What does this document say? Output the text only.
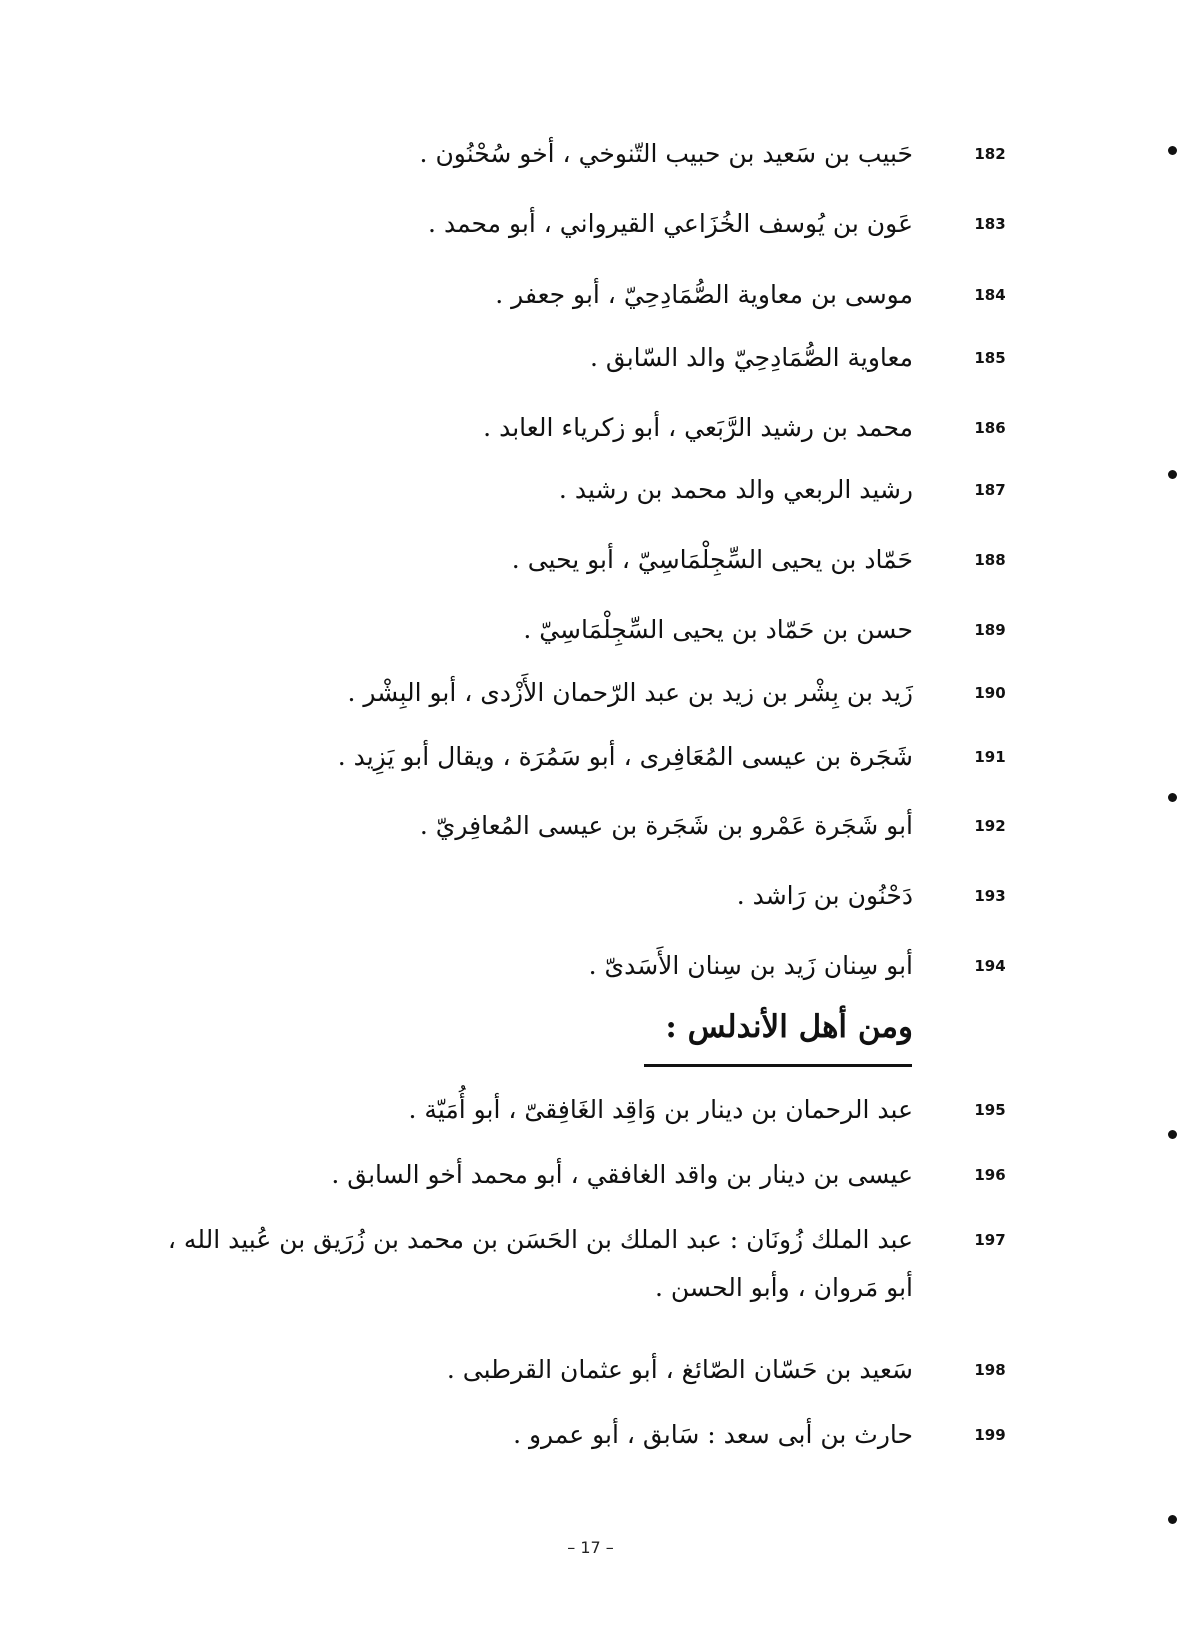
182
حَبيب بن سَعيد بن حبيب التّنوخي ، أخو سُحْنُون .
183
عَون بن يُوسف الخُزَاعي القيرواني ، أبو محمد .
184
موسى بن معاوية الصُّمَادِحِيّ ، أبو جعفر .
185
معاوية الصُّمَادِحِيّ والد السّابق .
186
محمد بن رشيد الرَّبَعي ، أبو زكرياء العابد .
187
رشيد الربعي والد محمد بن رشيد .
188
حَمّاد بن يحيى السِّجِلْمَاسِيّ ، أبو يحيى .
189
حسن بن حَمّاد بن يحيى السِّجِلْمَاسِيّ .
190
زَيد بن بِشْر بن زيد بن عبد الرّحمان الأَزْدى ، أبو البِشْر .
191
شَجَرة بن عيسى المُعَافِرى ، أبو سَمُرَة ، ويقال أبو يَزِيد .
192
أبو شَجَرة عَمْرو بن شَجَرة بن عيسى المُعافِريّ .
193
دَحْنُون بن رَاشد .
194
أبو سِنان زَيد بن سِنان الأَسَدىّ .
ومن أهل الأندلس :
195
عبد الرحمان بن دينار بن وَاقِد الغَافِقىّ ، أبو أُمَيّة .
196
عيسى بن دينار بن واقد الغافقي ، أبو محمد أخو السابق .
197
عبد الملك زُونَان : عبد الملك بن الحَسَن بن محمد بن زُرَيق بن عُبيد الله ،
أبو مَروان ، وأبو الحسن .
198
سَعيد بن حَسّان الصّائغ ، أبو عثمان القرطبى .
199
حارث بن أبى سعد : سَابق ، أبو عمرو .
– 17 –
